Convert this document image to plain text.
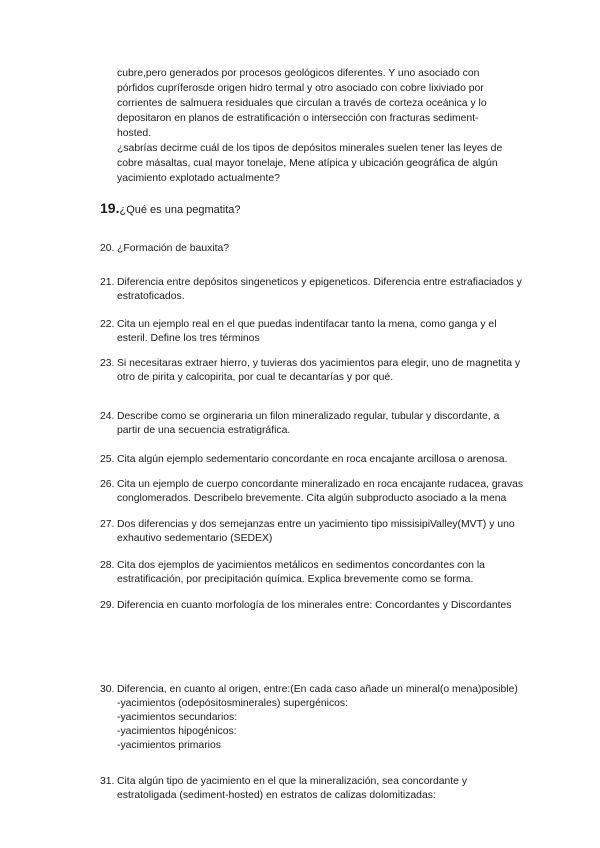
cubre,pero generados por procesos geológicos diferentes. Y uno asociado con
pórfidos cupríferosde origen hidro termal y otro asociado con cobre lixiviado por
corrientes de salmuera residuales que circulan a través de corteza oceánica y lo
depositaron en planos de estratificación o intersección con fracturas sediment-
hosted.
¿sabrías decirme cuál de los tipos de depósitos minerales suelen tener las leyes de
cobre másaltas, cual mayor tonelaje, Mene atípica y ubicación geográfica de algún
yacimiento explotado actualmente?
19.¿Qué es una pegmatita?
20. ¿Formación de bauxita?
21. Diferencia entre depósitos singeneticos y epigeneticos. Diferencia entre estrafiaciados y
estratoficados.
22. Cita un ejemplo real en el que puedas indentifacar tanto la mena, como ganga y el
esteril. Define los tres términos
23. Si necesitaras extraer hierro, y tuvieras dos yacimientos para elegir, uno de magnetita y
otro de pirita y calcopirita, por cual te decantarías y por qué.
24. Describe como se orgineraria un filon mineralizado regular, tubular y discordante, a
partir de una secuencia estratigráfica.
25. Cita algún ejemplo sedementario concordante en roca encajante arcillosa o arenosa.
26. Cita un ejemplo de cuerpo concordante mineralizado en roca encajante rudacea, gravas
conglomerados. Describelo brevemente. Cita algún subproducto asociado a la mena
27. Dos diferencias y dos semejanzas entre un yacimiento tipo missisipiValley(MVT) y uno
exhautivo sedementario (SEDEX)
28. Cita dos ejemplos de yacimientos metálicos en sedimentos concordantes con la
estratificación, por precipitación química. Explica brevemente como se forma.
29. Diferencia en cuanto morfología de los minerales entre: Concordantes y Discordantes
30. Diferencia, en cuanto al origen, entre:(En cada caso añade un mineral(o mena)posible)
-yacimientos (odepósitosminerales) supergénicos:
-yacimientos secundarios:
-yacimientos hipogénicos:
-yacimientos primarios
31. Cita algún tipo de yacimiento en el que la mineralización, sea concordante y
estratoligada (sediment-hosted) en estratos de calizas dolomitizadas:
